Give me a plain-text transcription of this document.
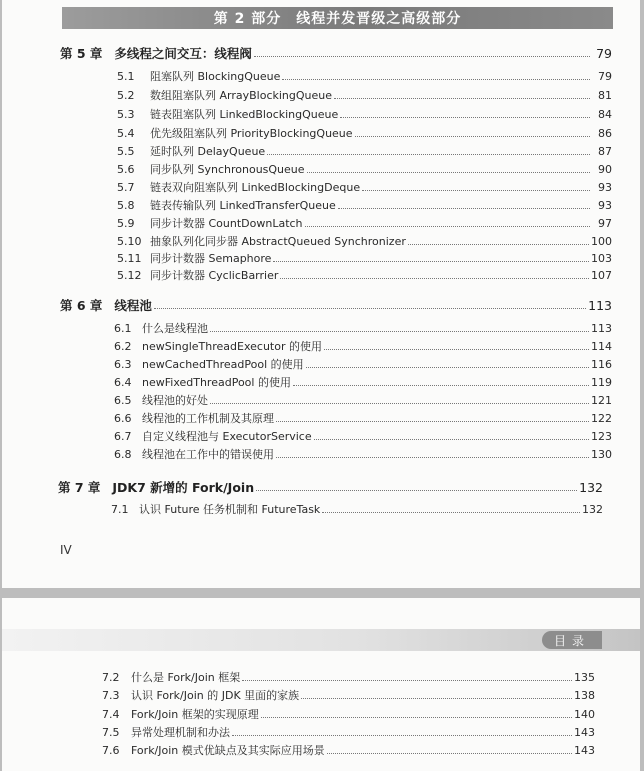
第 2 部分　线程并发晋级之高级部分
第 5 章 多线程之间交互：线程阀	79
5.1	阻塞队列 BlockingQueue	79
5.2	数组阻塞队列 ArrayBlockingQueue	81
5.3	链表阻塞队列 LinkedBlockingQueue	84
5.4	优先级阻塞队列 PriorityBlockingQueue	86
5.5	延时队列 DelayQueue	87
5.6	同步队列 SynchronousQueue	90
5.7	链表双向阻塞队列 LinkedBlockingDeque	93
5.8	链表传输队列 LinkedTransferQueue	93
5.9	同步计数器 CountDownLatch	97
5.10 抽象队列化同步器 AbstractQueued Synchronizer	100
5.11 同步计数器 Semaphore	103
5.12 同步计数器 CyclicBarrier	107
第 6 章 线程池	113
6.1 什么是线程池	113
6.2 newSingleThreadExecutor 的使用	114
6.3 newCachedThreadPool 的使用	116
6.4 newFixedThreadPool 的使用	119
6.5 线程池的好处	121
6.6 线程池的工作机制及其原理	122
6.7 自定义线程池与 ExecutorService	123
6.8 线程池在工作中的错误使用	130
第 7 章 JDK7 新增的 Fork/Join	132
7.1 认识 Future 任务机制和 FutureTask	132
IV
目录
7.2	什么是 Fork/Join 框架	135
7.3	认识 Fork/Join 的 JDK 里面的家族	138
7.4	Fork/Join 框架的实现原理	140
7.5	异常处理机制和办法	143
7.6	Fork/Join 模式优缺点及其实际应用场景	143
